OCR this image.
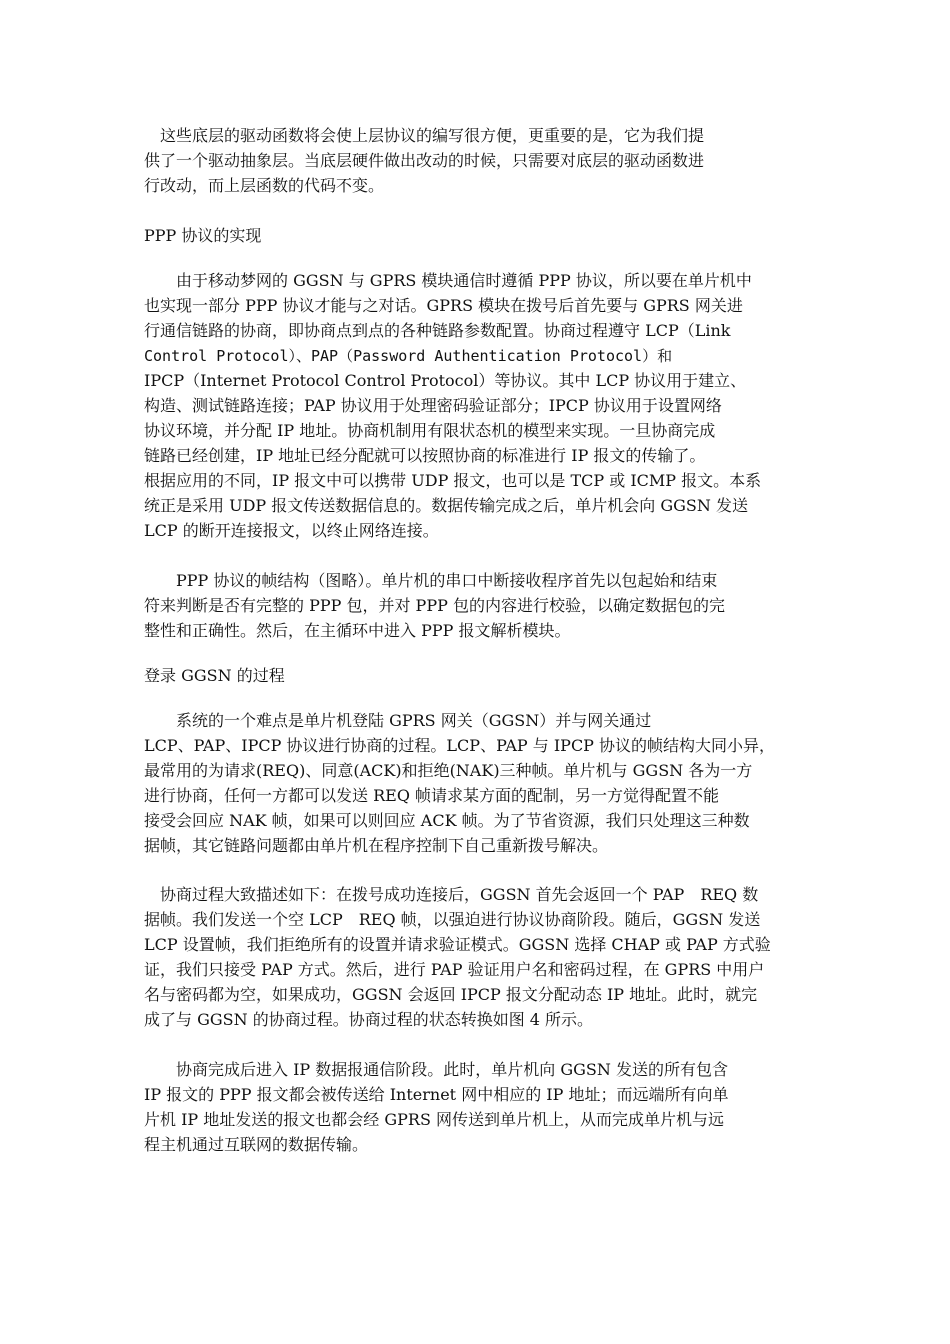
　这些底层的驱动函数将会使上层协议的编写很方便，更重要的是，它为我们提
供了一个驱动抽象层。当底层硬件做出改动的时候，只需要对底层的驱动函数进
行改动，而上层函数的代码不变。
PPP 协议的实现
　　由于移动梦网的 GGSN 与 GPRS 模块通信时遵循 PPP 协议，所以要在单片机中
也实现一部分 PPP 协议才能与之对话。GPRS 模块在拨号后首先要与 GPRS 网关进
行通信链路的协商，即协商点到点的各种链路参数配置。协商过程遵守 LCP（Link
Control Protocol）、PAP（Password Authentication Protocol）和
IPCP（Internet Protocol Control Protocol）等协议。其中 LCP 协议用于建立、
构造、测试链路连接；PAP 协议用于处理密码验证部分；IPCP 协议用于设置网络
协议环境，并分配 IP 地址。协商机制用有限状态机的模型来实现。一旦协商完成
链路已经创建，IP 地址已经分配就可以按照协商的标准进行 IP 报文的传输了。
根据应用的不同，IP 报文中可以携带 UDP 报文，也可以是 TCP 或 ICMP 报文。本系
统正是采用 UDP 报文传送数据信息的。数据传输完成之后，单片机会向 GGSN 发送
LCP 的断开连接报文，以终止网络连接。
　　PPP 协议的帧结构（图略）。单片机的串口中断接收程序首先以包起始和结束
符来判断是否有完整的 PPP 包，并对 PPP 包的内容进行校验，以确定数据包的完
整性和正确性。然后，在主循环中进入 PPP 报文解析模块。
登录 GGSN 的过程
　　系统的一个难点是单片机登陆 GPRS 网关（GGSN）并与网关通过
LCP、PAP、IPCP 协议进行协商的过程。LCP、PAP 与 IPCP 协议的帧结构大同小异，
最常用的为请求(REQ)、同意(ACK)和拒绝(NAK)三种帧。单片机与 GGSN 各为一方
进行协商，任何一方都可以发送 REQ 帧请求某方面的配制，另一方觉得配置不能
接受会回应 NAK 帧，如果可以则回应 ACK 帧。为了节省资源，我们只处理这三种数
据帧，其它链路问题都由单片机在程序控制下自己重新拨号解决。
　协商过程大致描述如下：在拨号成功连接后，GGSN 首先会返回一个 PAP　REQ 数
据帧。我们发送一个空 LCP　REQ 帧，以强迫进行协议协商阶段。随后，GGSN 发送
LCP 设置帧，我们拒绝所有的设置并请求验证模式。GGSN 选择 CHAP 或 PAP 方式验
证，我们只接受 PAP 方式。然后，进行 PAP 验证用户名和密码过程，在 GPRS 中用户
名与密码都为空，如果成功，GGSN 会返回 IPCP 报文分配动态 IP 地址。此时，就完
成了与 GGSN 的协商过程。协商过程的状态转换如图 4 所示。
　　协商完成后进入 IP 数据报通信阶段。此时，单片机向 GGSN 发送的所有包含
IP 报文的 PPP 报文都会被传送给 Internet 网中相应的 IP 地址；而远端所有向单
片机 IP 地址发送的报文也都会经 GPRS 网传送到单片机上，从而完成单片机与远
程主机通过互联网的数据传输。
